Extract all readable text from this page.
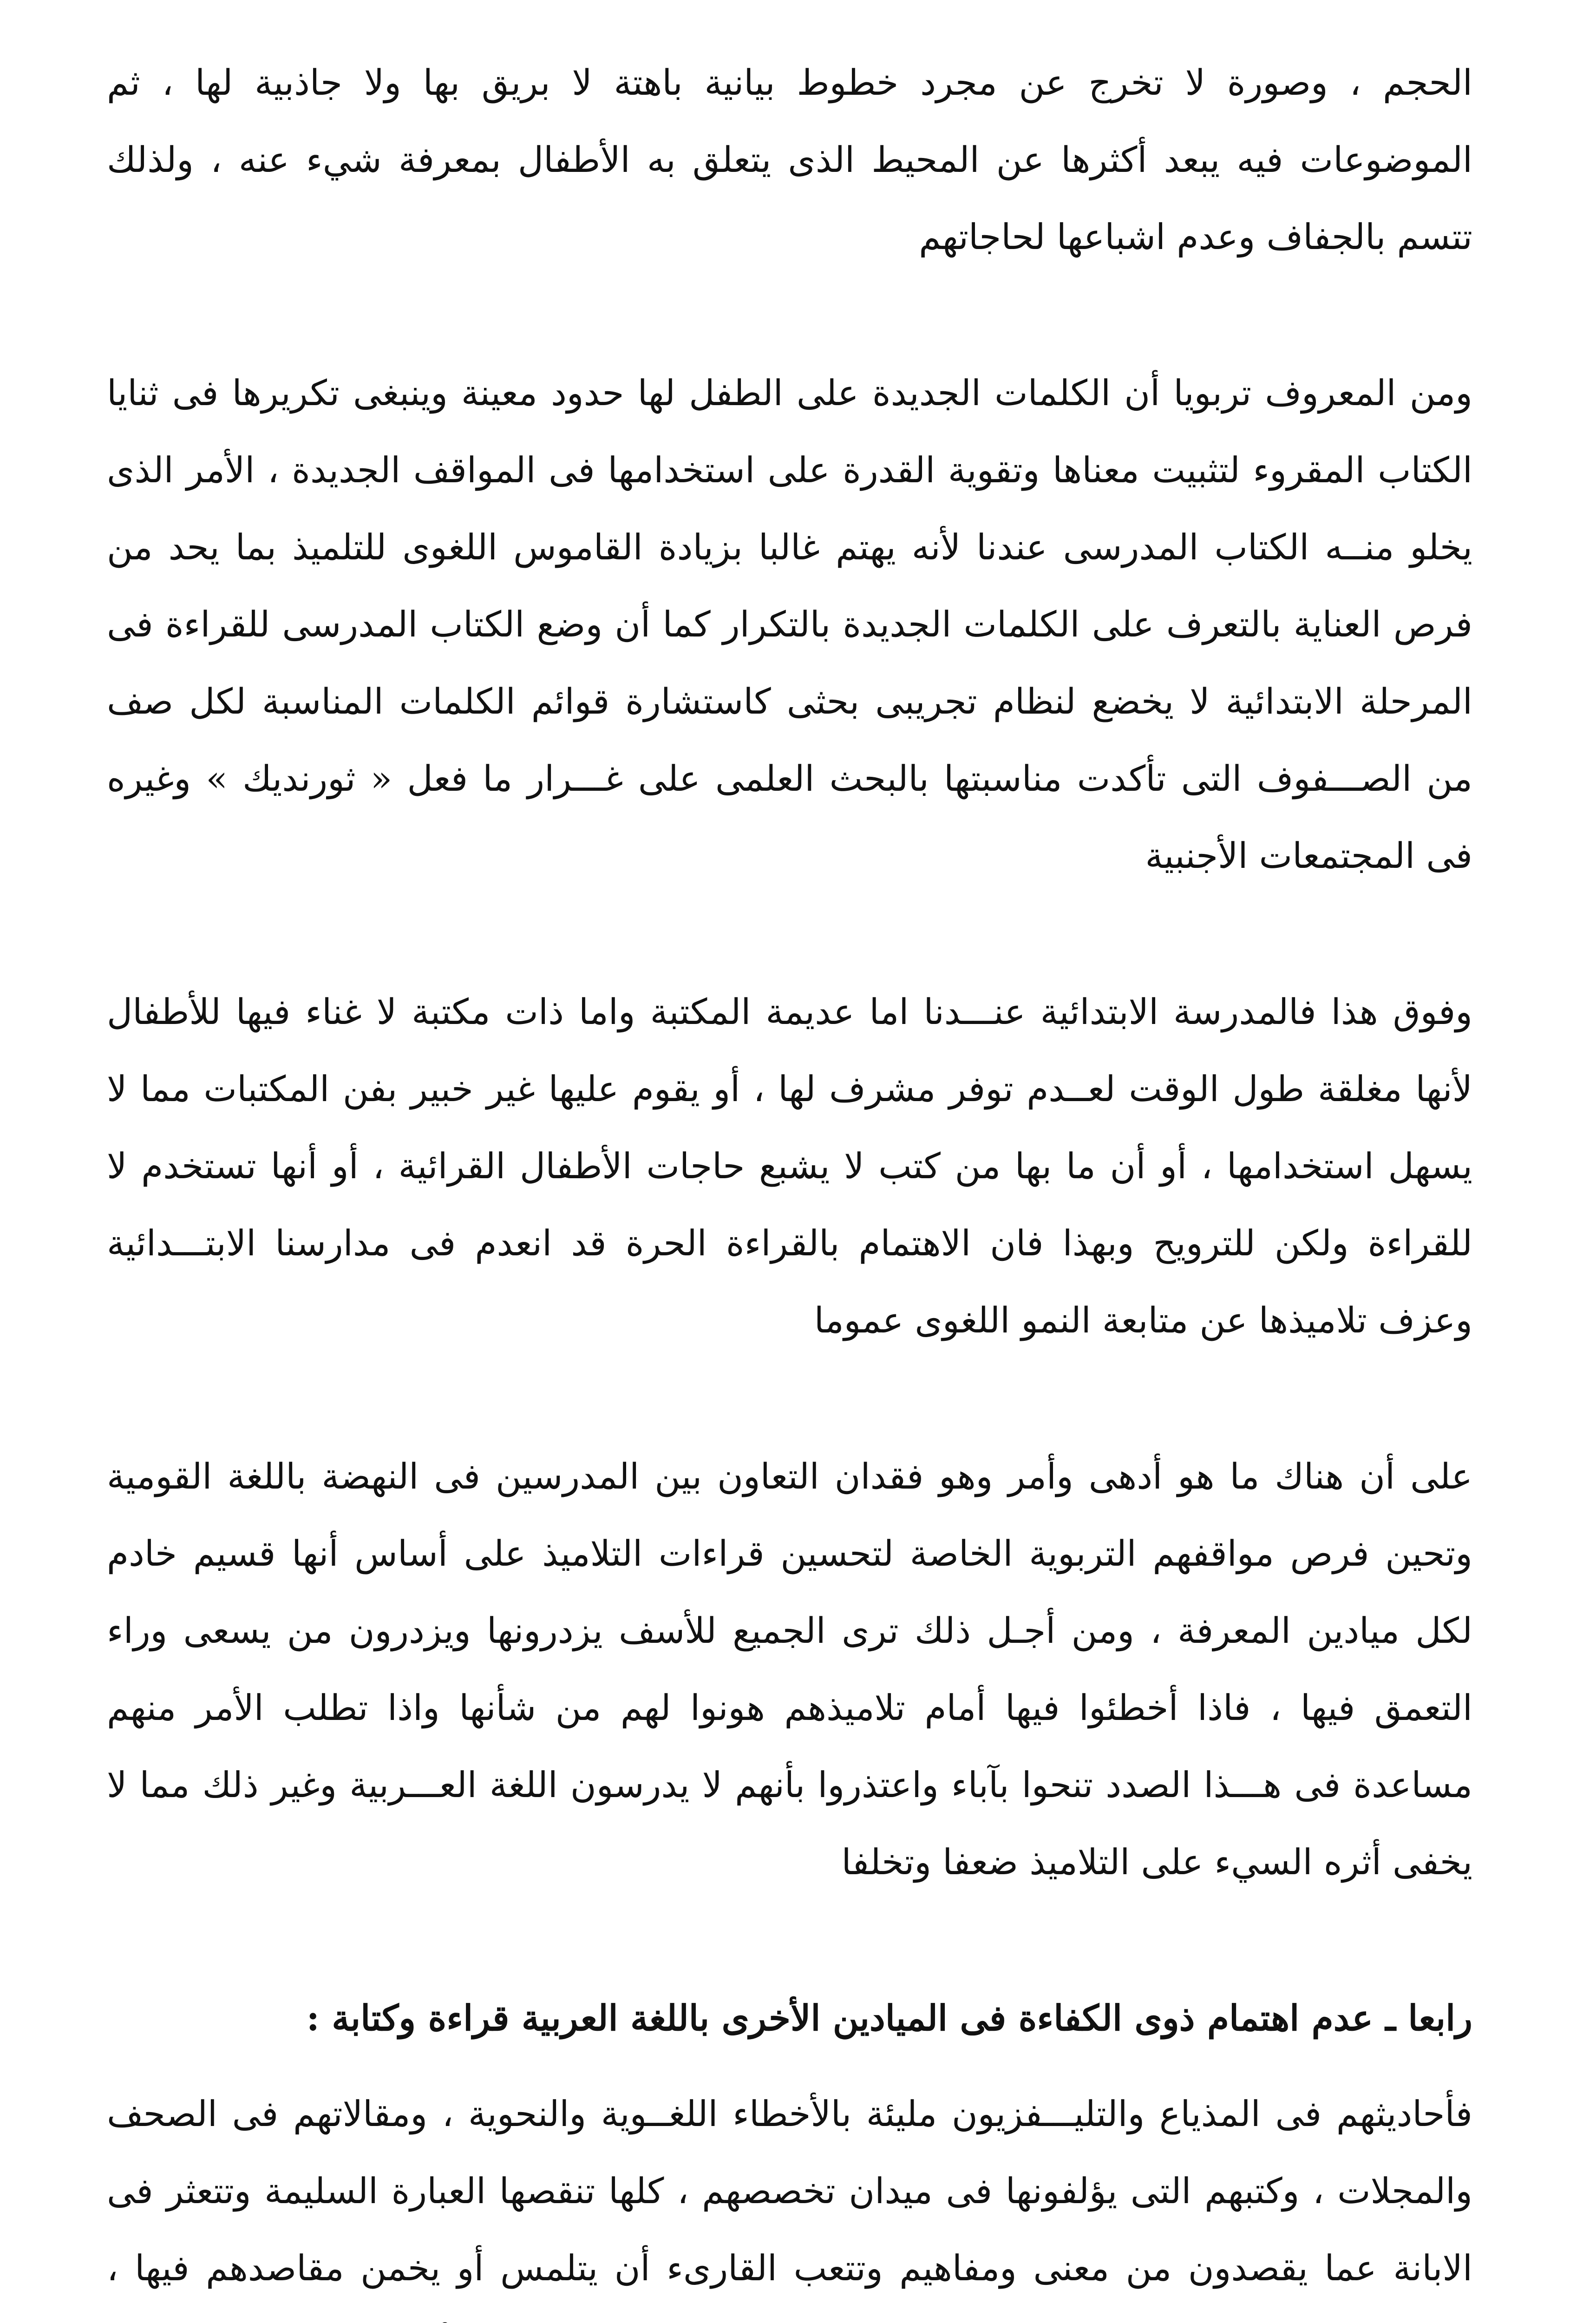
الحجم ، وصورة لا تخرج عن مجرد خطوط بيانية باهتة لا بريق بها ولا جاذبية لها ، ثم الموضوعات فيه يبعد أكثرها عن المحيط الذى يتعلق به الأطفال بمعرفة شيء عنه ، ولذلك تتسم بالجفاف وعدم اشباعها لحاجاتهم

ومن المعروف تربويا أن الكلمات الجديدة على الطفل لها حدود معينة وينبغى تكريرها فى ثنايا الكتاب المقروء لتثبيت معناها وتقوية القدرة على استخدامها فى المواقف الجديدة ، الأمر الذى يخلو منــه الكتاب المدرسى عندنا لأنه يهتم غالبا بزيادة القاموس اللغوى للتلميذ بما يحد من فرص العناية بالتعرف على الكلمات الجديدة بالتكرار كما أن وضع الكتاب المدرسى للقراءة فى المرحلة الابتدائية لا يخضع لنظام تجريبى بحثى كاستشارة قوائم الكلمات المناسبة لكل صف من الصـــفوف التى تأكدت مناسبتها بالبحث العلمى على غـــرار ما فعل « ثورنديك » وغيره فى المجتمعات الأجنبية

وفوق هذا فالمدرسة الابتدائية عنـــدنا اما عديمة المكتبة واما ذات مكتبة لا غناء فيها للأطفال لأنها مغلقة طول الوقت لعــدم توفر مشرف لها ، أو يقوم عليها غير خبير بفن المكتبات مما لا يسهل استخدامها ، أو أن ما بها من كتب لا يشبع حاجات الأطفال القرائية ، أو أنها تستخدم لا للقراءة ولكن للترويح وبهذا فان الاهتمام بالقراءة الحرة قد انعدم فى مدارسنا الابتـــدائية وعزف تلاميذها عن متابعة النمو اللغوى عموما

على أن هناك ما هو أدهى وأمر وهو فقدان التعاون بين المدرسين فى النهضة باللغة القومية وتحين فرص مواقفهم التربوية الخاصة لتحسين قراءات التلاميذ على أساس أنها قسيم خادم لكل ميادين المعرفة ، ومن أجـل ذلك ترى الجميع للأسف يزدرونها ويزدرون من يسعى وراء التعمق فيها ، فاذا أخطئوا فيها أمام تلاميذهم هونوا لهم من شأنها واذا تطلب الأمر منهم مساعدة فى هـــذا الصدد تنحوا بآباء واعتذروا بأنهم لا يدرسون اللغة العـــربية وغير ذلك مما لا يخفى أثره السيء على التلاميذ ضعفا وتخلفا

رابعا ـ عدم اهتمام ذوى الكفاءة فى الميادين الأخرى باللغة العربية قراءة وكتابة :

فأحاديثهم فى المذياع والتليـــفزيون مليئة بالأخطاء اللغــوية والنحوية ، ومقالاتهم فى الصحف والمجلات ، وكتبهم التى يؤلفونها فى ميدان تخصصهم ، كلها تنقصها العبارة السليمة وتتعثر فى الابانة عما يقصدون من معنى ومفاهيم وتتعب القارىء أن يتلمس أو يخمن مقاصدهم فيها ،
